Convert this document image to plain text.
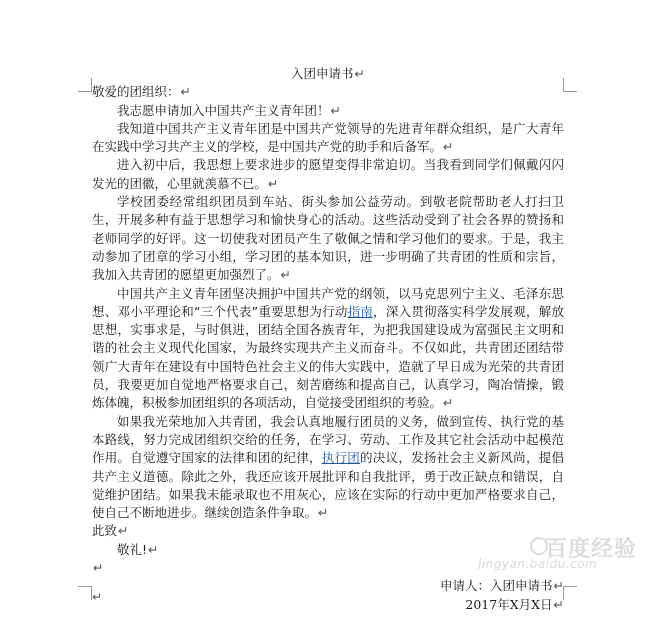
入团申请书↵

敬爱的团组织：↵

我志愿申请加入中国共产主义青年团！↵

我知道中国共产主义青年团是中国共产党领导的先进青年群众组织，是广大青年在实践中学习共产主义的学校，是中国共产党的助手和后备军。↵

进入初中后，我思想上要求进步的愿望变得非常迫切。当我看到同学们佩戴闪闪发光的团徽，心里就羡慕不已。↵

学校团委经常组织团员到车站、街头参加公益劳动。到敬老院帮助老人打扫卫生，开展多种有益于思想学习和愉快身心的活动。这些活动受到了社会各界的赞扬和老师同学的好评。这一切使我对团员产生了敬佩之情和学习他们的要求。于是，我主动参加了团章的学习小组，学习团的基本知识，进一步明确了共青团的性质和宗旨，我加入共青团的愿望更加强烈了。↵

中国共产主义青年团坚决拥护中国共产党的纲领，以马克思列宁主义、毛泽东思想、邓小平理论和“三个代表”重要思想为行动指南，深入贯彻落实科学发展观，解放思想，实事求是，与时俱进，团结全国各族青年，为把我国建设成为富强民主文明和谐的社会主义现代化国家，为最终实现共产主义而奋斗。不仅如此，共青团还团结带领广大青年在建设有中国特色社会主义的伟大实践中，造就了早日成为光荣的共青团员，我要更加自觉地严格要求自己，刻苦磨练和提高自己，认真学习，陶冶情操，锻炼体魄，积极参加团组织的各项活动，自觉接受团组织的考验。↵

如果我光荣地加入共青团，我会认真地履行团员的义务，做到宣传、执行党的基本路线，努力完成团组织交给的任务，在学习、劳动、工作及其它社会活动中起模范作用。自觉遵守国家的法律和团的纪律，执行团的决议，发扬社会主义新风尚，提倡共产主义道德。除此之外，我还应该开展批评和自我批评，勇于改正缺点和错误，自觉维护团结。如果我未能录取也不用灰心，应该在实际的行动中更加严格要求自己，使自己不断地进步。继续创造条件争取。↵

此致↵

敬礼!↵

↵

申请人：入团申请书↵

2017年X月X日↵

↵
百度经验
jingyan.baidu.com
